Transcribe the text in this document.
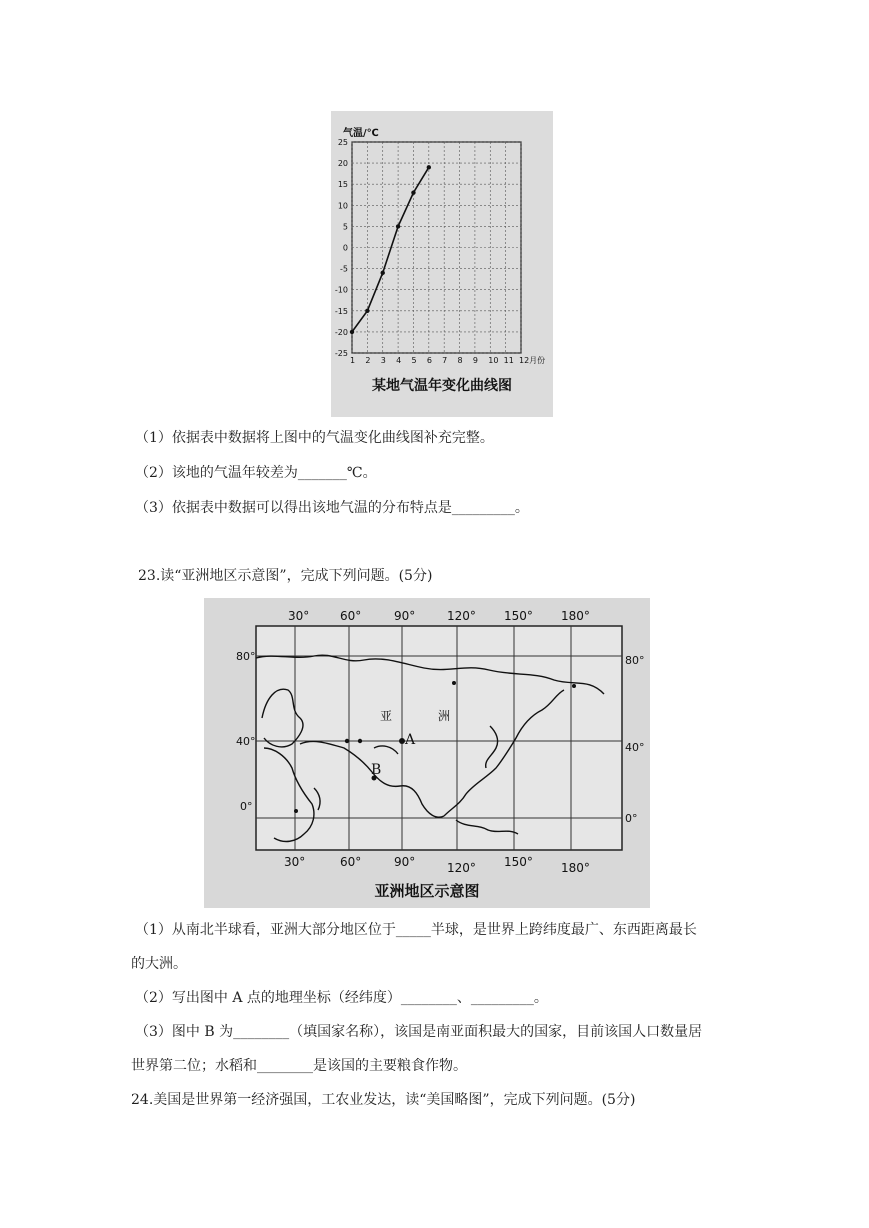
气温/℃
25
20
15
10
5
0
-5
-10
-15
-20
-25
1 2 3 4 5 6 7 8 9 10 11 12月份
某地气温年变化曲线图
（1）依据表中数据将上图中的气温变化曲线图补充完整。
（2）该地的气温年较差为_______℃。
（3）依据表中数据可以得出该地气温的分布特点是_________。
23.读“亚洲地区示意图”，完成下列问题。(5分)
30°	60°	90°	120° 150° 180°
30°	60°	90°	120° 150° 180°
80°
40°
0°
80°
40°
0°
亚	洲
A
B
亚洲地区示意图
（1）从南北半球看，亚洲大部分地区位于_____半球，是世界上跨纬度最广、东西距离最长
的大洲。
（2）写出图中 A 点的地理坐标（经纬度）________、_________。
（3）图中 B 为________（填国家名称），该国是南亚面积最大的国家，目前该国人口数量居
世界第二位；水稻和________是该国的主要粮食作物。
24.美国是世界第一经济强国，工农业发达，读“美国略图”，完成下列问题。(5分)
